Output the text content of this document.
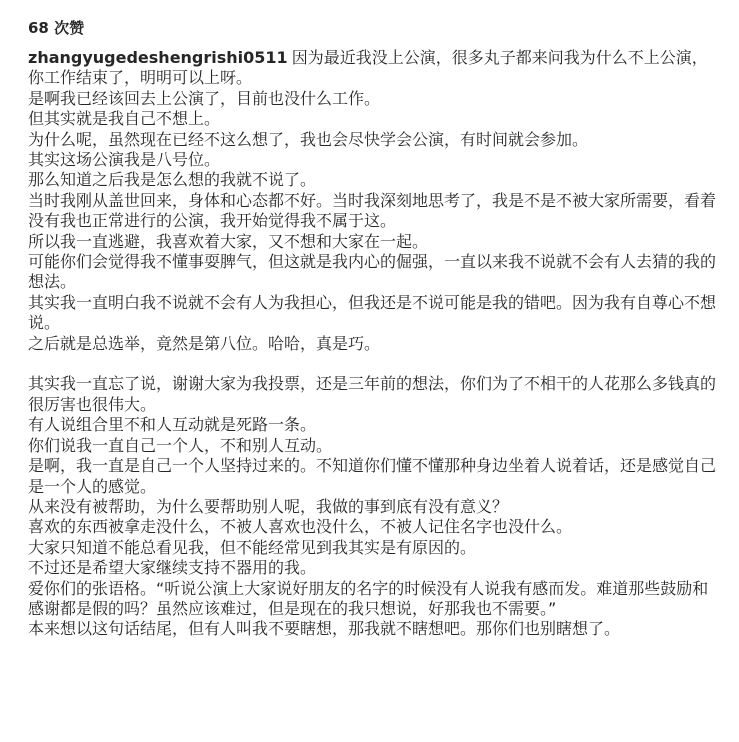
68 次赞
zhangyugedeshengrishi0511 因为最近我没上公演，很多丸子都来问我为什么不上公演，你工作结束了，明明可以上呀。
是啊我已经该回去上公演了，目前也没什么工作。
但其实就是我自己不想上。
为什么呢，虽然现在已经不这么想了，我也会尽快学会公演，有时间就会参加。
其实这场公演我是八号位。
那么知道之后我是怎么想的我就不说了。
当时我刚从盖世回来，身体和心态都不好。当时我深刻地思考了，我是不是不被大家所需要，看着没有我也正常进行的公演，我开始觉得我不属于这。
所以我一直逃避，我喜欢着大家，又不想和大家在一起。
可能你们会觉得我不懂事耍脾气，但这就是我内心的倔强，一直以来我不说就不会有人去猜的我的想法。
其实我一直明白我不说就不会有人为我担心，但我还是不说可能是我的错吧。因为我有自尊心不想说。
之后就是总选举，竟然是第八位。哈哈，真是巧。
其实我一直忘了说，谢谢大家为我投票，还是三年前的想法，你们为了不相干的人花那么多钱真的很厉害也很伟大。
有人说组合里不和人互动就是死路一条。
你们说我一直自己一个人，不和别人互动。
是啊，我一直是自己一个人坚持过来的。不知道你们懂不懂那种身边坐着人说着话，还是感觉自己是一个人的感觉。
从来没有被帮助，为什么要帮助别人呢，我做的事到底有没有意义？
喜欢的东西被拿走没什么，不被人喜欢也没什么，不被人记住名字也没什么。
大家只知道不能总看见我，但不能经常见到我其实是有原因的。
不过还是希望大家继续支持不器用的我。
爱你们的张语格。“听说公演上大家说好朋友的名字的时候没有人说我有感而发。难道那些鼓励和感谢都是假的吗？虽然应该难过，但是现在的我只想说，好那我也不需要。”
本来想以这句话结尾，但有人叫我不要瞎想，那我就不瞎想吧。那你们也别瞎想了。
